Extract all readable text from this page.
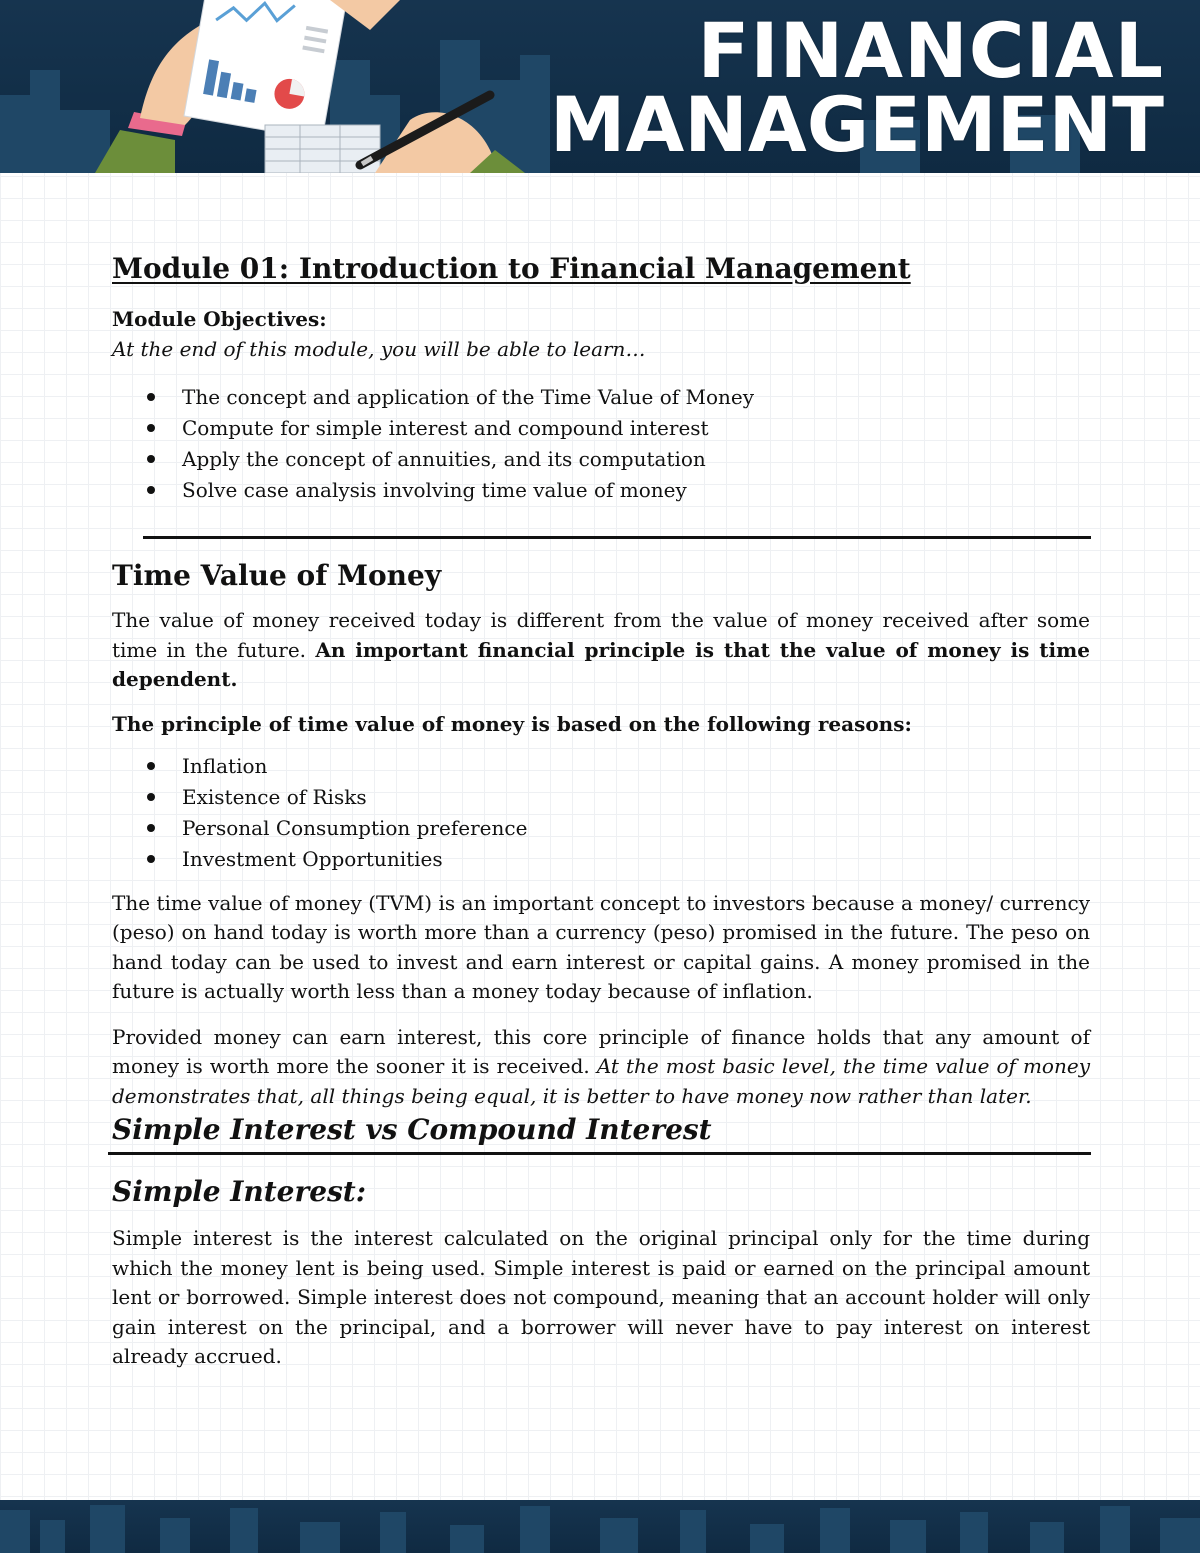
FINANCIAL
MANAGEMENT
Module 01: Introduction to Financial Management
Module Objectives:
At the end of this module, you will be able to learn…
The concept and application of the Time Value of Money
Compute for simple interest and compound interest
Apply the concept of annuities, and its computation
Solve case analysis involving time value of money
Time Value of Money

The value of money received today is different from the value of money received after some time in the future. An important financial principle is that the value of money is time dependent.

The principle of time value of money is based on the following reasons:
Inflation
Existence of Risks
Personal Consumption preference
Investment Opportunities

The time value of money (TVM) is an important concept to investors because a money/ currency (peso) on hand today is worth more than a currency (peso) promised in the future. The peso on hand today can be used to invest and earn interest or capital gains. A money promised in the future is actually worth less than a money today because of inflation.

Provided money can earn interest, this core principle of finance holds that any amount of money is worth more the sooner it is received. At the most basic level, the time value of money demonstrates that, all things being equal, it is better to have money now rather than later.

Simple Interest vs Compound Interest
Simple Interest:

Simple interest is the interest calculated on the original principal only for the time during which the money lent is being used. Simple interest is paid or earned on the principal amount lent or borrowed. Simple interest does not compound, meaning that an account holder will only gain interest on the principal, and a borrower will never have to pay interest on interest already accrued.
